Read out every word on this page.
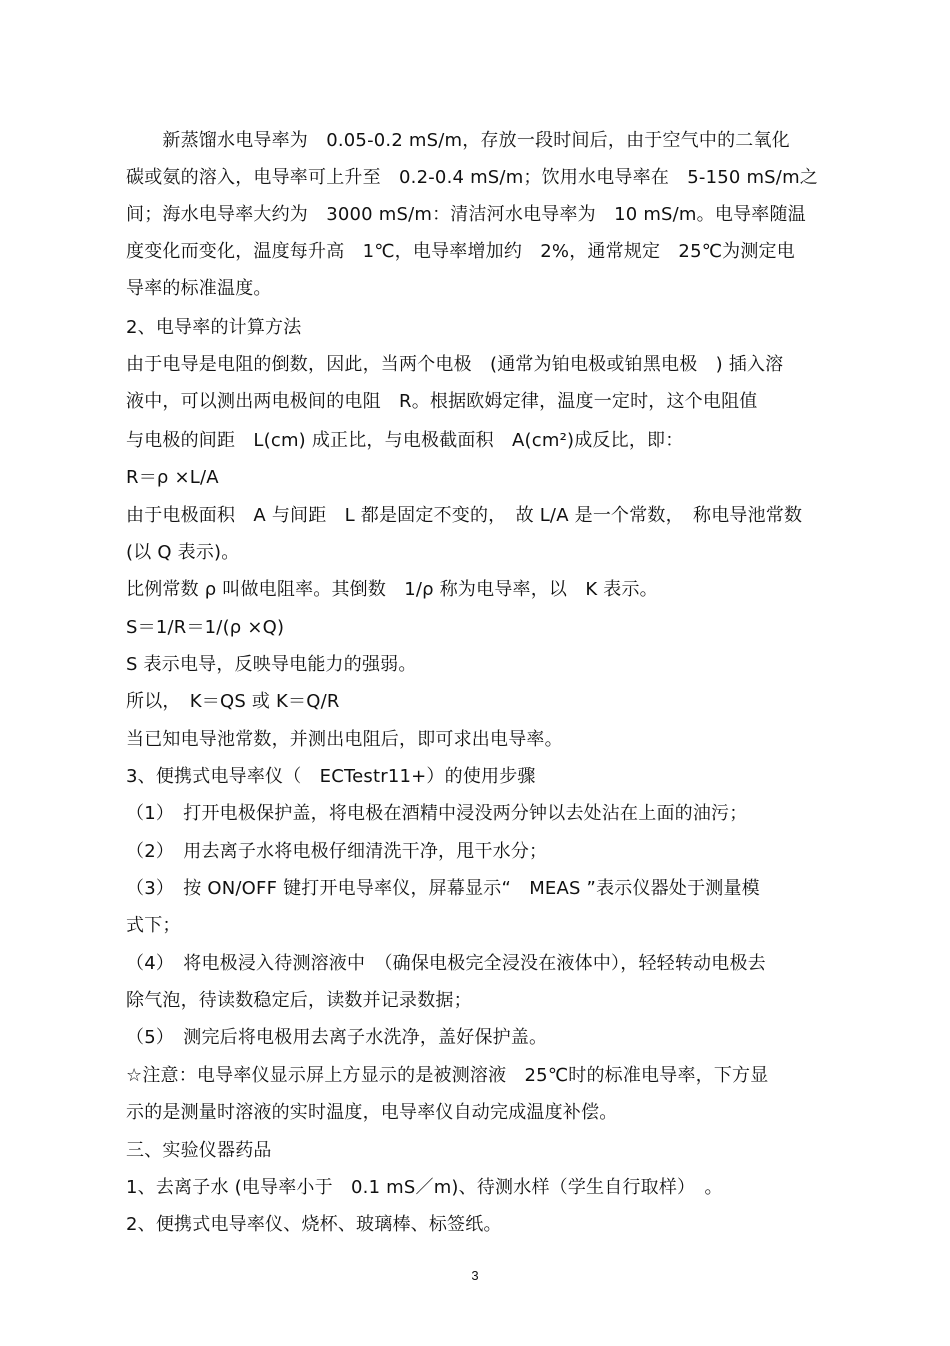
　　新蒸馏水电导率为　0.05-0.2 mS/m，存放一段时间后，由于空气中的二氧化
碳或氨的溶入，电导率可上升至　0.2-0.4 mS/m；饮用水电导率在　5-150 mS/m之
间；海水电导率大约为　3000 mS/m：清洁河水电导率为　10 mS/m。电导率随温
度变化而变化，温度每升高　1℃，电导率增加约　2%，通常规定　25℃为测定电
导率的标准温度。
2、电导率的计算方法
由于电导是电阻的倒数，因此，当两个电极　(通常为铂电极或铂黑电极　) 插入溶
液中，可以测出两电极间的电阻　R。根据欧姆定律，温度一定时，这个电阻值
与电极的间距　L(cm) 成正比，与电极截面积　A(cm²)成反比，即：
R＝ρ ×L/A
由于电极面积　A 与间距　L 都是固定不变的，　故 L/A 是一个常数，　称电导池常数
(以 Q 表示)。
比例常数 ρ 叫做电阻率。其倒数　1/ρ 称为电导率，以　K 表示。
S＝1/R＝1/(ρ ×Q)
S 表示电导，反映导电能力的强弱。
所以，　K＝QS 或 K＝Q/R
当已知电导池常数，并测出电阻后，即可求出电导率。
3、便携式电导率仪（　ECTestr11+）的使用步骤
（1）　打开电极保护盖，将电极在酒精中浸没两分钟以去处沾在上面的油污；
（2）　用去离子水将电极仔细清洗干净，甩干水分；
（3）　按 ON/OFF 键打开电导率仪，屏幕显示“　MEAS ”表示仪器处于测量模
式下；
（4）　将电极浸入待测溶液中　（确保电极完全浸没在液体中），轻轻转动电极去
除气泡，待读数稳定后，读数并记录数据；
（5）　测完后将电极用去离子水洗净，盖好保护盖。
☆注意：电导率仪显示屏上方显示的是被测溶液　25℃时的标准电导率，下方显
示的是测量时溶液的实时温度，电导率仪自动完成温度补偿。
三、实验仪器药品
1、去离子水 (电导率小于　0.1 mS／m)、待测水样（学生自行取样）　。
2、便携式电导率仪、烧杯、玻璃棒、标签纸。
3
